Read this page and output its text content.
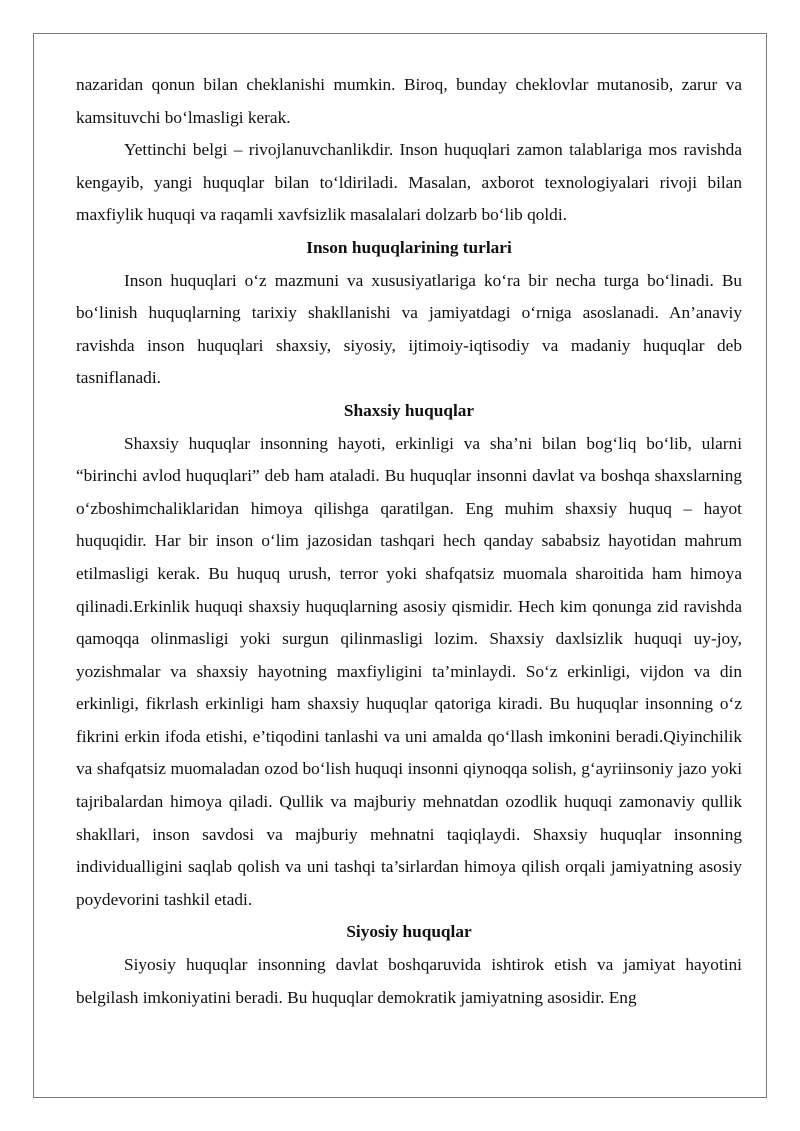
nazaridan qonun bilan cheklanishi mumkin. Biroq, bunday cheklovlar mutanosib, zarur va kamsituvchi bo‘lmasligi kerak.

Yettinchi belgi – rivojlanuvchanlikdir. Inson huquqlari zamon talablariga mos ravishda kengayib, yangi huquqlar bilan to‘ldiriladi. Masalan, axborot texnologiyalari rivoji bilan maxfiylik huquqi va raqamli xavfsizlik masalalari dolzarb bo‘lib qoldi.

Inson huquqlarining turlari

Inson huquqlari o‘z mazmuni va xususiyatlariga ko‘ra bir necha turga bo‘linadi. Bu bo‘linish huquqlarning tarixiy shakllanishi va jamiyatdagi o‘rniga asoslanadi. An’anaviy ravishda inson huquqlari shaxsiy, siyosiy, ijtimoiy-iqtisodiy va madaniy huquqlar deb tasniflanadi.

Shaxsiy huquqlar

Shaxsiy huquqlar insonning hayoti, erkinligi va sha’ni bilan bog‘liq bo‘lib, ularni “birinchi avlod huquqlari” deb ham ataladi. Bu huquqlar insonni davlat va boshqa shaxslarning o‘zboshimchaliklaridan himoya qilishga qaratilgan. Eng muhim shaxsiy huquq – hayot huquqidir. Har bir inson o‘lim jazosidan tashqari hech qanday sababsiz hayotidan mahrum etilmasligi kerak. Bu huquq urush, terror yoki shafqatsiz muomala sharoitida ham himoya qilinadi.Erkinlik huquqi shaxsiy huquqlarning asosiy qismidir. Hech kim qonunga zid ravishda qamoqqa olinmasligi yoki surgun qilinmasligi lozim. Shaxsiy daxlsizlik huquqi uy-joy, yozishmalar va shaxsiy hayotning maxfiyligini ta’minlaydi. So‘z erkinligi, vijdon va din erkinligi, fikrlash erkinligi ham shaxsiy huquqlar qatoriga kiradi. Bu huquqlar insonning o‘z fikrini erkin ifoda etishi, e’tiqodini tanlashi va uni amalda qo‘llash imkonini beradi.Qiyinchilik va shafqatsiz muomaladan ozod bo‘lish huquqi insonni qiynoqqa solish, g‘ayriinsoniy jazo yoki tajribalardan himoya qiladi. Qullik va majburiy mehnatdan ozodlik huquqi zamonaviy qullik shakllari, inson savdosi va majburiy mehnatni taqiqlaydi. Shaxsiy huquqlar insonning individualligini saqlab qolish va uni tashqi ta’sirlardan himoya qilish orqali jamiyatning asosiy poydevorini tashkil etadi.

Siyosiy huquqlar

Siyosiy huquqlar insonning davlat boshqaruvida ishtirok etish va jamiyat hayotini belgilash imkoniyatini beradi. Bu huquqlar demokratik jamiyatning asosidir. Eng
